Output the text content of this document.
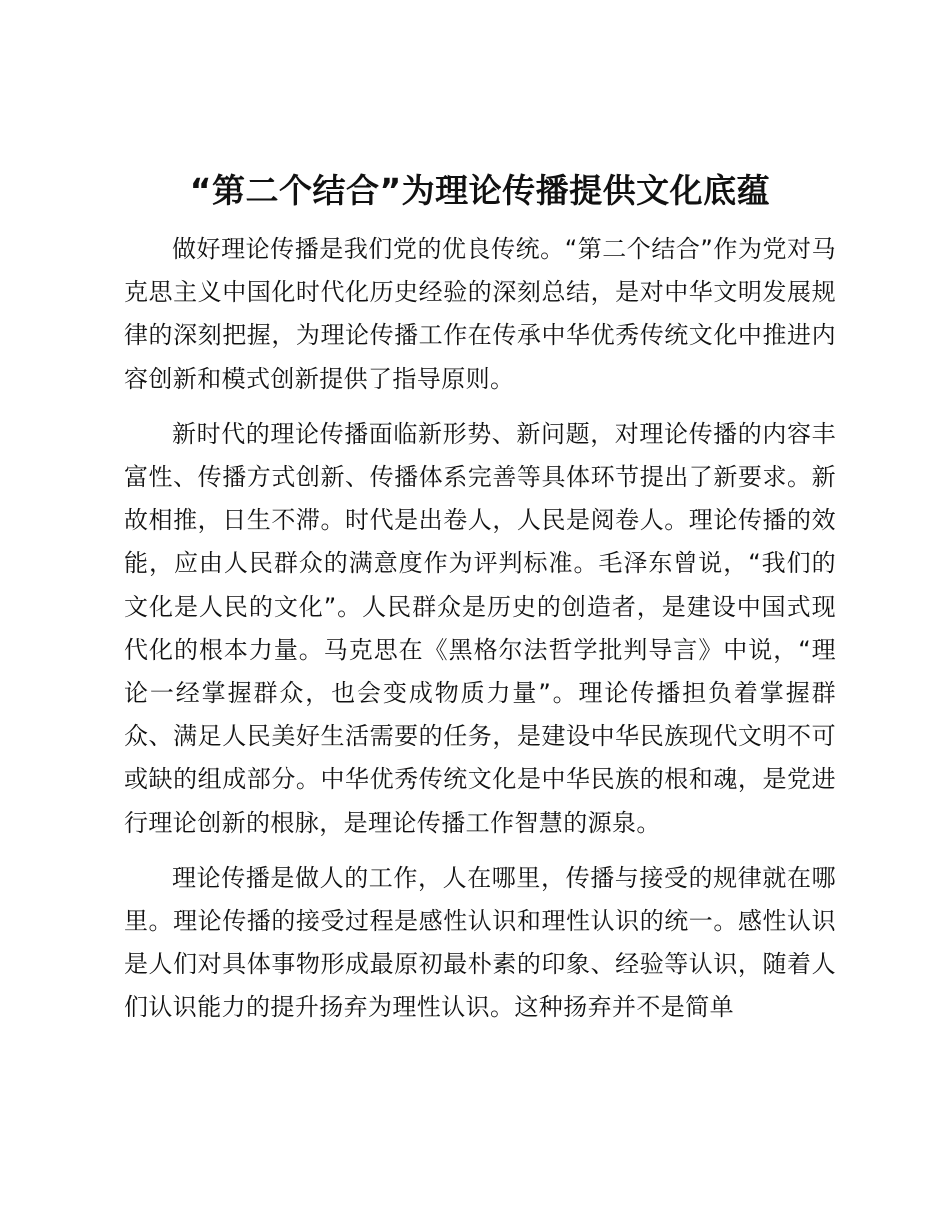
“第二个结合”为理论传播提供文化底蕴

做好理论传播是我们党的优良传统。“第二个结合”作为党对马克思主义中国化时代化历史经验的深刻总结，是对中华文明发展规律的深刻把握，为理论传播工作在传承中华优秀传统文化中推进内容创新和模式创新提供了指导原则。

新时代的理论传播面临新形势、新问题，对理论传播的内容丰富性、传播方式创新、传播体系完善等具体环节提出了新要求。新故相推，日生不滞。时代是出卷人，人民是阅卷人。理论传播的效能，应由人民群众的满意度作为评判标准。毛泽东曾说，“我们的文化是人民的文化”。人民群众是历史的创造者，是建设中国式现代化的根本力量。马克思在《黑格尔法哲学批判导言》中说，“理论一经掌握群众，也会变成物质力量”。理论传播担负着掌握群众、满足人民美好生活需要的任务，是建设中华民族现代文明不可或缺的组成部分。中华优秀传统文化是中华民族的根和魂，是党进行理论创新的根脉，是理论传播工作智慧的源泉。

理论传播是做人的工作，人在哪里，传播与接受的规律就在哪里。理论传播的接受过程是感性认识和理性认识的统一。感性认识是人们对具体事物形成最原初最朴素的印象、经验等认识，随着人们认识能力的提升扬弃为理性认识。这种扬弃并不是简单
